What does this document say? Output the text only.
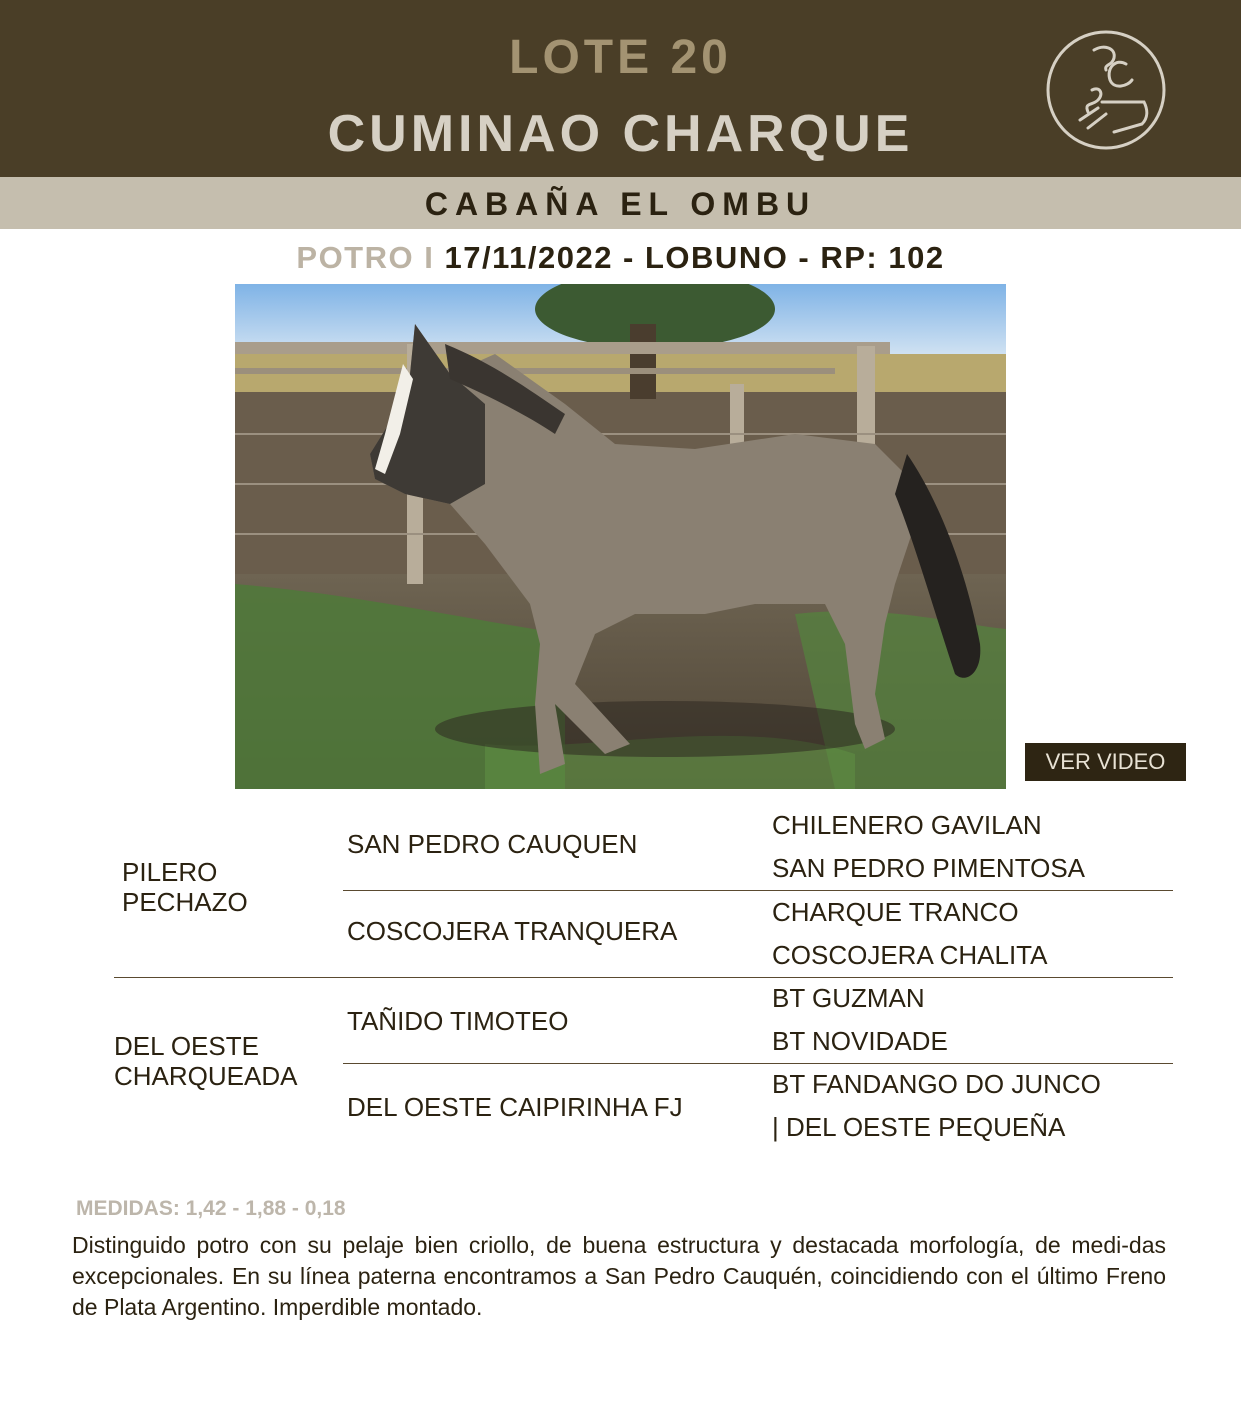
LOTE 20
CUMINAO CHARQUE
CABAÑA EL OMBU
POTRO I 17/11/2022 - LOBUNO - RP: 102
VER VIDEO
PILERO
PECHAZO
DEL OESTE
CHARQUEADA
SAN PEDRO CAUQUEN
COSCOJERA TRANQUERA
TAÑIDO TIMOTEO
DEL OESTE CAIPIRINHA FJ
CHILENERO GAVILAN
SAN PEDRO PIMENTOSA
CHARQUE TRANCO
COSCOJERA CHALITA
BT GUZMAN
BT NOVIDADE
BT FANDANGO DO JUNCO
| DEL OESTE PEQUEÑA
MEDIDAS: 1,42 - 1,88 - 0,18
Distinguido potro con su pelaje bien criollo, de buena estructura y destacada morfología, de medi-das excepcionales. En su línea paterna encontramos a San Pedro Cauquén, coincidiendo con el último Freno de Plata Argentino. Imperdible montado.
